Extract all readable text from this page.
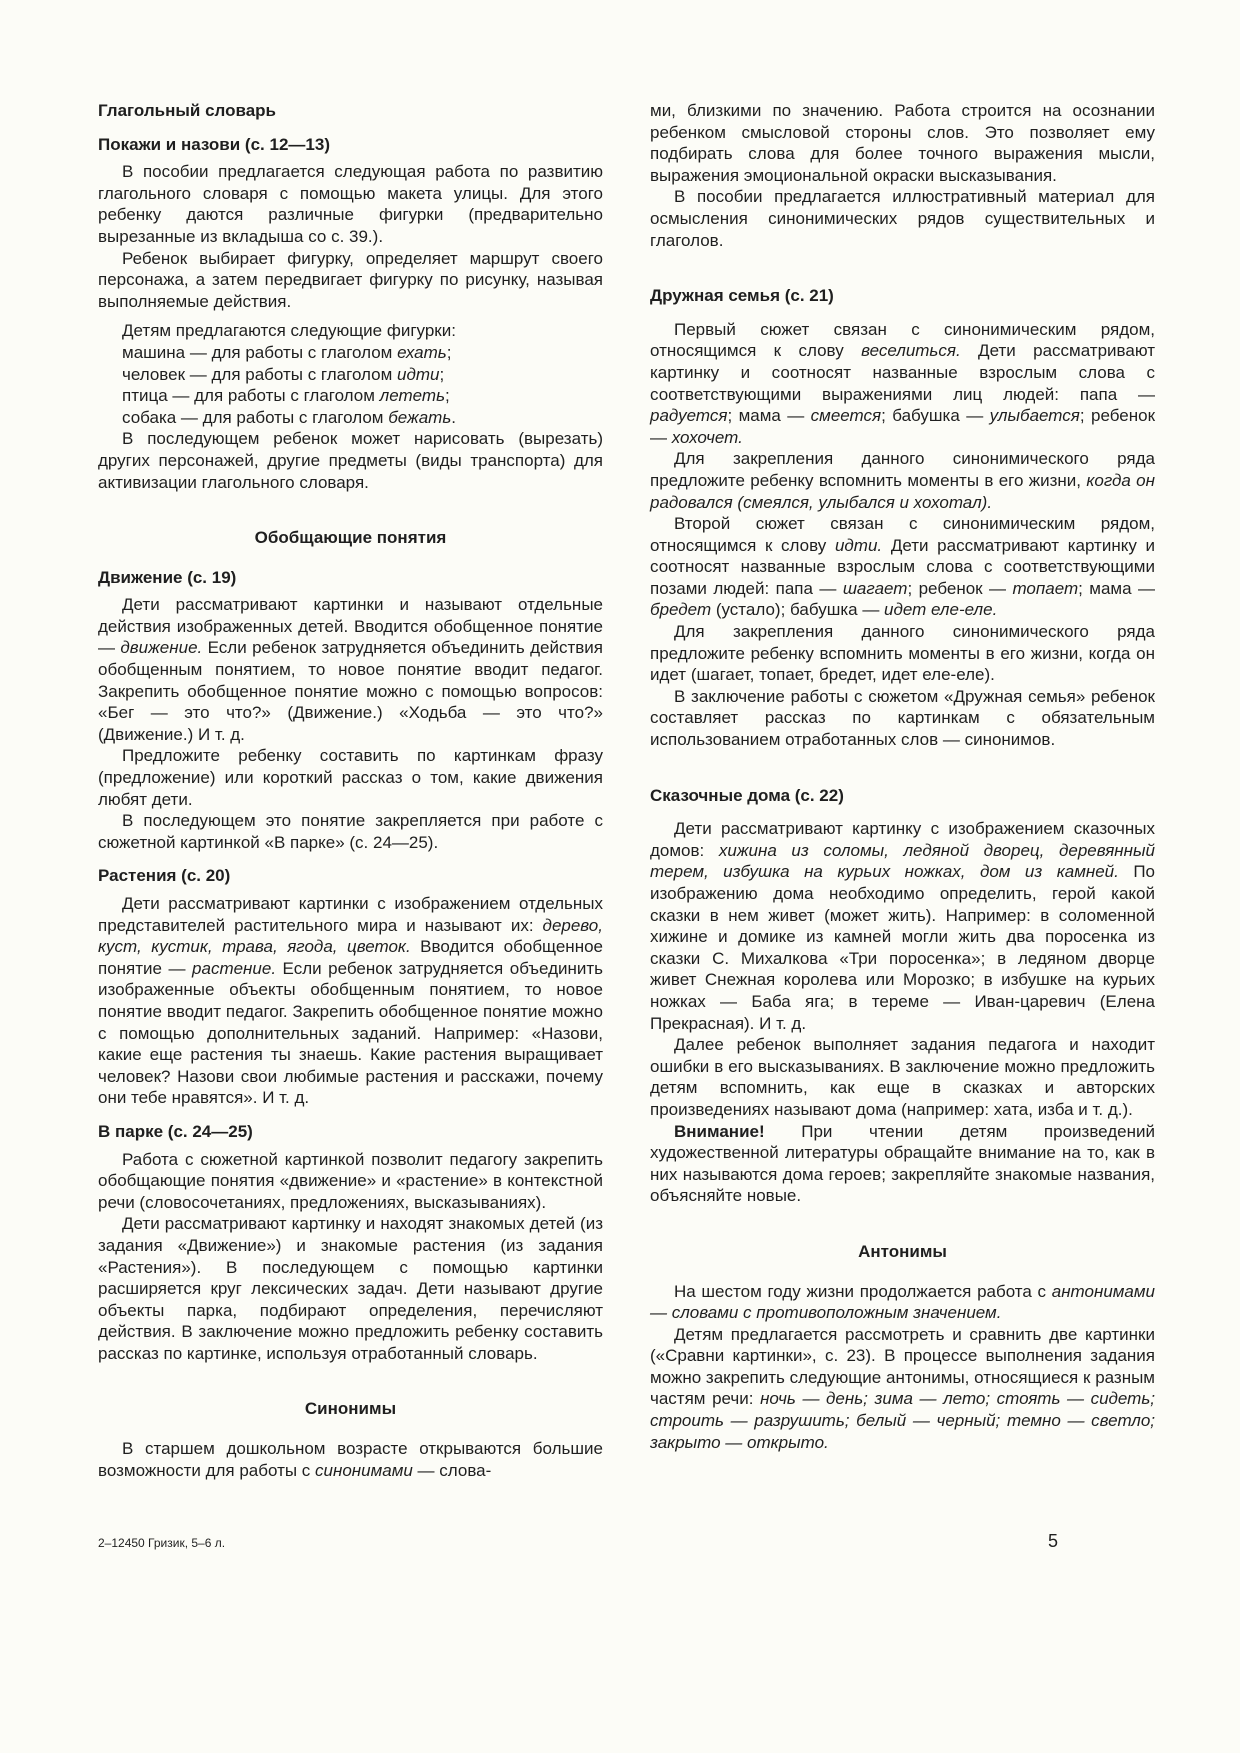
Глагольный словарь
Покажи и назови (с. 12—13)
В пособии предлагается следующая работа по развитию глагольного словаря с помощью макета улицы. Для этого ребенку даются различные фигурки (предварительно вырезанные из вкладыша со с. 39.).
Ребенок выбирает фигурку, определяет маршрут своего персонажа, а затем передвигает фигурку по рисунку, называя выполняемые действия.
Детям предлагаются следующие фигурки:
машина — для работы с глаголом ехать;
человек — для работы с глаголом идти;
птица — для работы с глаголом лететь;
собака — для работы с глаголом бежать.
В последующем ребенок может нарисовать (вырезать) других персонажей, другие предметы (виды транспорта) для активизации глагольного словаря.
Обобщающие понятия
Движение (с. 19)
Дети рассматривают картинки и называют отдельные действия изображенных детей. Вводится обобщенное понятие — движение. Если ребенок затрудняется объединить действия обобщенным понятием, то новое понятие вводит педагог. Закрепить обобщенное понятие можно с помощью вопросов: «Бег — это что?» (Движение.) «Ходьба — это что?» (Движение.) И т. д.
Предложите ребенку составить по картинкам фразу (предложение) или короткий рассказ о том, какие движения любят дети.
В последующем это понятие закрепляется при работе с сюжетной картинкой «В парке» (с. 24—25).
Растения (с. 20)
Дети рассматривают картинки с изображением отдельных представителей растительного мира и называют их: дерево, куст, кустик, трава, ягода, цветок. Вводится обобщенное понятие — растение. Если ребенок затрудняется объединить изображенные объекты обобщенным понятием, то новое понятие вводит педагог. Закрепить обобщенное понятие можно с помощью дополнительных заданий. Например: «Назови, какие еще растения ты знаешь. Какие растения выращивает человек? Назови свои любимые растения и расскажи, почему они тебе нравятся». И т. д.
В парке (с. 24—25)
Работа с сюжетной картинкой позволит педагогу закрепить обобщающие понятия «движение» и «растение» в контекстной речи (словосочетаниях, предложениях, высказываниях).
Дети рассматривают картинку и находят знакомых детей (из задания «Движение») и знакомые растения (из задания «Растения»). В последующем с помощью картинки расширяется круг лексических задач. Дети называют другие объекты парка, подбирают определения, перечисляют действия. В заключение можно предложить ребенку составить рассказ по картинке, используя отработанный словарь.
Синонимы
В старшем дошкольном возрасте открываются большие возможности для работы с синонимами — слова-
ми, близкими по значению. Работа строится на осознании ребенком смысловой стороны слов. Это позволяет ему подбирать слова для более точного выражения мысли, выражения эмоциональной окраски высказывания.
В пособии предлагается иллюстративный материал для осмысления синонимических рядов существительных и глаголов.
Дружная семья (с. 21)
Первый сюжет связан с синонимическим рядом, относящимся к слову веселиться. Дети рассматривают картинку и соотносят названные взрослым слова с соответствующими выражениями лиц людей: папа — радуется; мама — смеется; бабушка — улыбается; ребенок — хохочет.
Для закрепления данного синонимического ряда предложите ребенку вспомнить моменты в его жизни, когда он радовался (смеялся, улыбался и хохотал).
Второй сюжет связан с синонимическим рядом, относящимся к слову идти. Дети рассматривают картинку и соотносят названные взрослым слова с соответствующими позами людей: папа — шагает; ребенок — топает; мама — бредет (устало); бабушка — идет еле-еле.
Для закрепления данного синонимического ряда предложите ребенку вспомнить моменты в его жизни, когда он идет (шагает, топает, бредет, идет еле-еле).
В заключение работы с сюжетом «Дружная семья» ребенок составляет рассказ по картинкам с обязательным использованием отработанных слов — синонимов.
Сказочные дома (с. 22)
Дети рассматривают картинку с изображением сказочных домов: хижина из соломы, ледяной дворец, деревянный терем, избушка на курьих ножках, дом из камней. По изображению дома необходимо определить, герой какой сказки в нем живет (может жить). Например: в соломенной хижине и домике из камней могли жить два поросенка из сказки С. Михалкова «Три поросенка»; в ледяном дворце живет Снежная королева или Морозко; в избушке на курьих ножках — Баба яга; в тереме — Иван-царевич (Елена Прекрасная). И т. д.
Далее ребенок выполняет задания педагога и находит ошибки в его высказываниях. В заключение можно предложить детям вспомнить, как еще в сказках и авторских произведениях называют дома (например: хата, изба и т. д.).
Внимание! При чтении детям произведений художественной литературы обращайте внимание на то, как в них называются дома героев; закрепляйте знакомые названия, объясняйте новые.
Антонимы
На шестом году жизни продолжается работа с антонимами — словами с противоположным значением.
Детям предлагается рассмотреть и сравнить две картинки («Сравни картинки», с. 23). В процессе выполнения задания можно закрепить следующие антонимы, относящиеся к разным частям речи: ночь — день; зима — лето; стоять — сидеть; строить — разрушить; белый — черный; темно — светло; закрыто — открыто.
2–12450 Гризик, 5–6 л.	5
